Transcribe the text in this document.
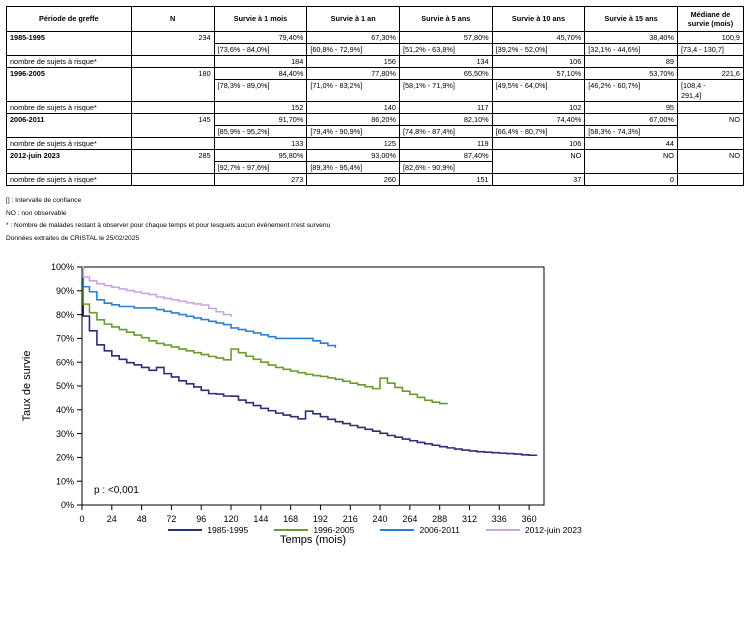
Période de greffe	N	Survie à 1 mois	Survie à 1 an	Survie à 5 ans	Survie à 10 ans	Survie à 15 ans	Médiane de survie (mois)
1985-1995	234	79,40%	67,30%	57,80%	45,70%	38,40%	100,9
		[73,6% - 84,0%]	[60,8% - 72,9%]	[51,2% - 63,8%]	[39,2% - 52,0%]	[32,1% - 44,6%]	[73,4 - 130,7]
nombre de sujets à risque*		184	156	134	106	89	
1996-2005	180	84,40%	77,80%	65,50%	57,10%	53,70%	221,6
		[78,3% - 89,0%]	[71,0% - 83,2%]	[58,1% - 71,9%]	[49,5% - 64,0%]	[46,2% - 60,7%]	[108,4 -
291,4]
nombre de sujets à risque*		152	140	117	102	95	
2006-2011	145	91,70%	86,20%	82,10%	74,40%	67,00%	NO
		[85,9% - 95,2%]	[79,4% - 90,9%]	[74,8% - 87,4%]	[66,4% - 80,7%]	[58,3% - 74,3%]	
nombre de sujets à risque*		133	125	119	106	44	
2012-juin 2023	285	95,80%	93,00%	87,40%	NO	NO	NO
		[92,7% - 97,6%]	[89,3% - 95,4%]	[82,6% - 90,9%]			
nombre de sujets à risque*		273	260	151	37	0	
[] : Intervalle de confiance
NO : non observable
* : Nombre de malades restant à observer pour chaque temps et pour lesquels aucun évènement n'est survenu
Données extraites de CRISTAL le 25/02/2025
0%
10%
20%
30%
40%
50%
60%
70%
80%
90%
100%
0 24 48 72 96 120 144 168 192 216 240 264 288 312 336 360
Temps (mois)
Taux de survie
p : <0,001
1985-1995	1996-2005	2006-2011	2012-juin 2023
